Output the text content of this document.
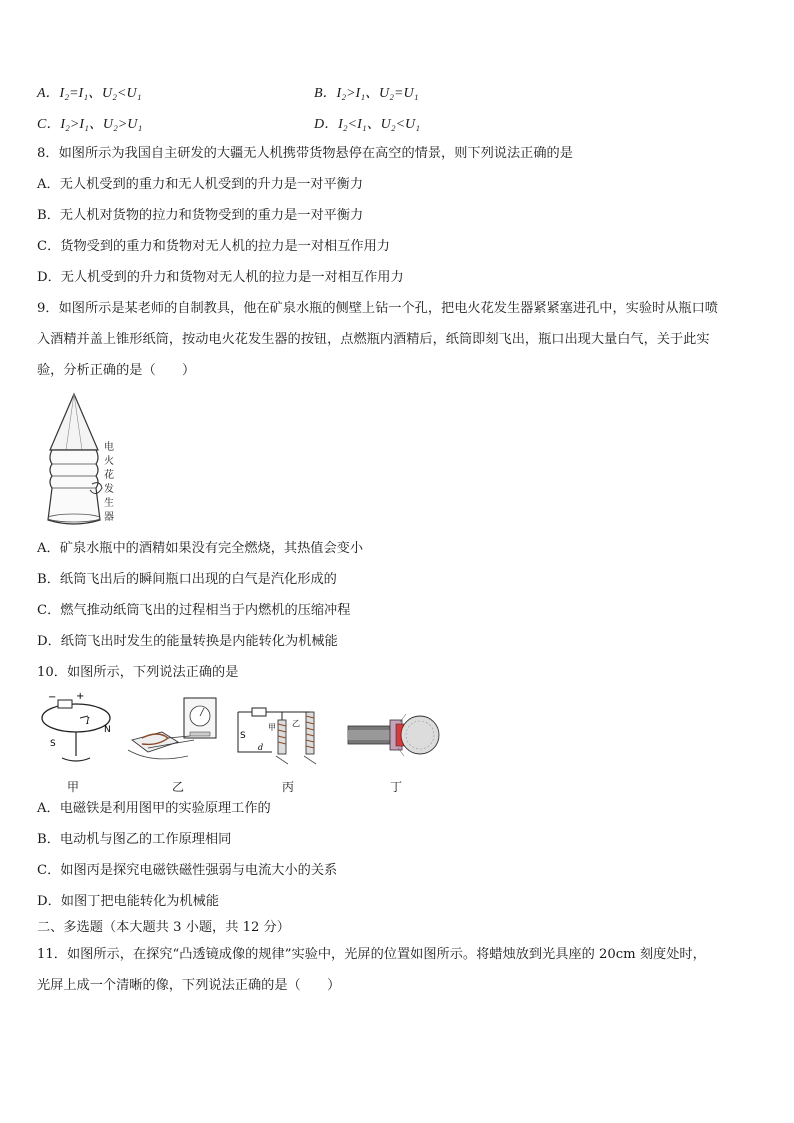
A．I₂=I₁、U₂<U₁	B．I₂>I₁、U₂=U₁
C．I₂>I₁、U₂>U₁	D．I₂<I₁、U₂<U₁
8．如图所示为我国自主研发的大疆无人机携带货物悬停在高空的情景，则下列说法正确的是
A．无人机受到的重力和无人机受到的升力是一对平衡力
B．无人机对货物的拉力和货物受到的重力是一对平衡力
C．货物受到的重力和货物对无人机的拉力是一对相互作用力
D．无人机受到的升力和货物对无人机的拉力是一对相互作用力
9．如图所示是某老师的自制教具，他在矿泉水瓶的侧壁上钻一个孔，把电火花发生器紧紧塞进孔中，实验时从瓶口喷
入酒精并盖上锥形纸筒，按动电火花发生器的按钮，点燃瓶内酒精后，纸筒即刻飞出，瓶口出现大量白气，关于此实
验，分析正确的是（　　）
电
火
花
发
生
器
A．矿泉水瓶中的酒精如果没有完全燃烧，其热值会变小
B．纸筒飞出后的瞬间瓶口出现的白气是汽化形成的
C．燃气推动纸筒飞出的过程相当于内燃机的压缩冲程
D．纸筒飞出时发生的能量转换是内能转化为机械能
10．如图所示，下列说法正确的是
− +
I
S
N
S
d
甲 乙
甲	乙	丙	丁
A．电磁铁是利用图甲的实验原理工作的
B．电动机与图乙的工作原理相同
C．如图丙是探究电磁铁磁性强弱与电流大小的关系
D．如图丁把电能转化为机械能
二、多选题（本大题共 3 小题，共 12 分）
11．如图所示，在探究“凸透镜成像的规律”实验中，光屏的位置如图所示。将蜡烛放到光具座的 20cm 刻度处时，
光屏上成一个清晰的像，下列说法正确的是（　　）
